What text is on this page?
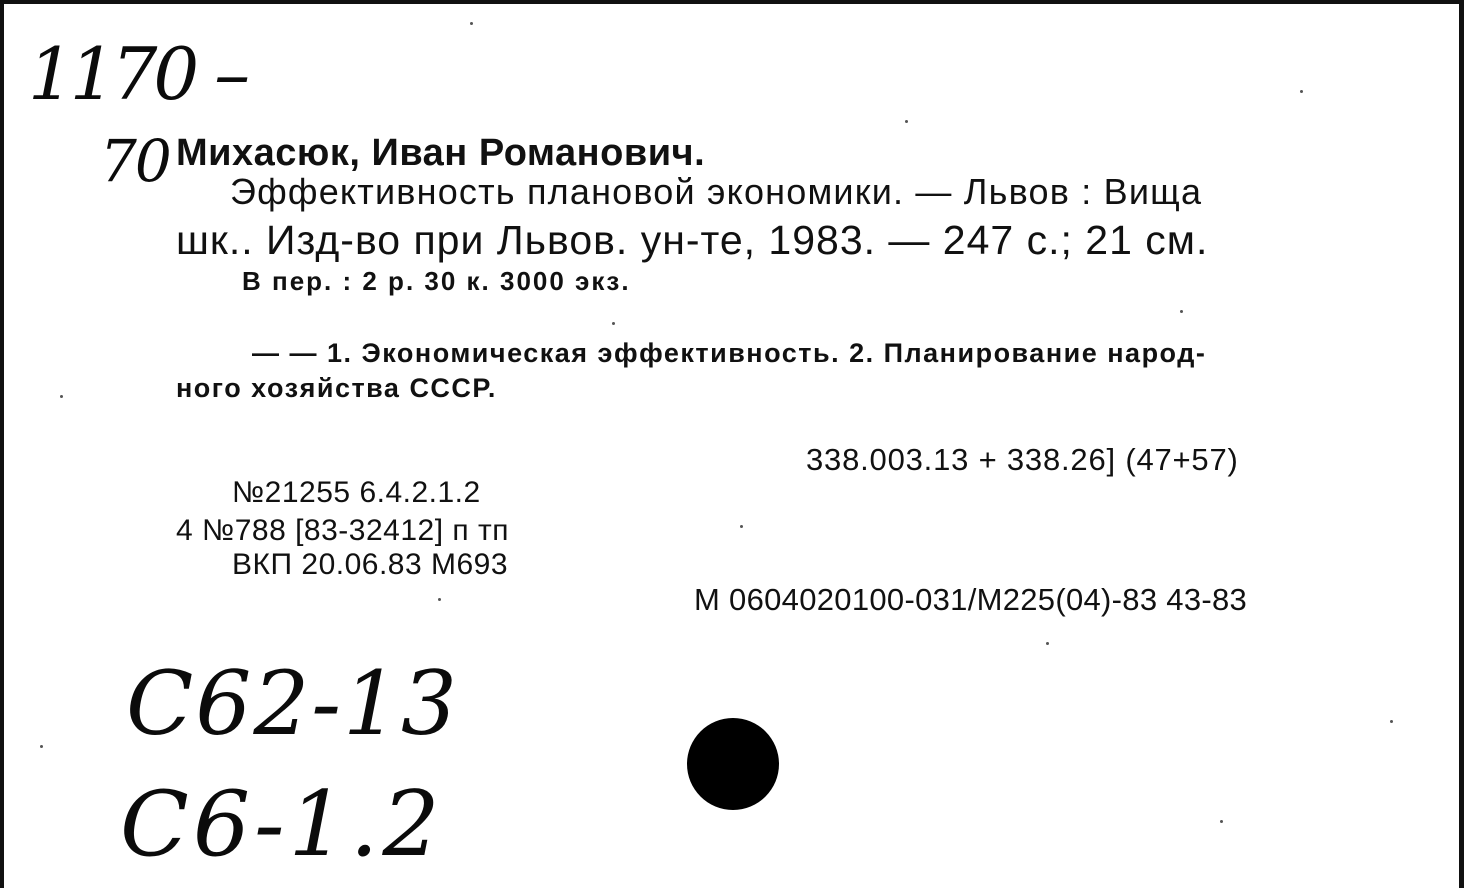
1170 –
70 Михасюк, Иван Романович.
Эффективность плановой экономики. — Львов : Вища
шк.. Изд-во при Львов. ун-те, 1983. — 247 с.; 21 см.
В пер. : 2 р. 30 к. 3000 экз.
— — 1. Экономическая эффективность. 2. Планирование народ-
ного хозяйства СССР.
338.003.13 + 338.26] (47+57)
№21255 6.4.2.1.2
4 №788 [83-32412] п тп
ВКП 20.06.83 М693
М 0604020100-031/М225(04)-83 43-83
C62-13
C6-1.2
